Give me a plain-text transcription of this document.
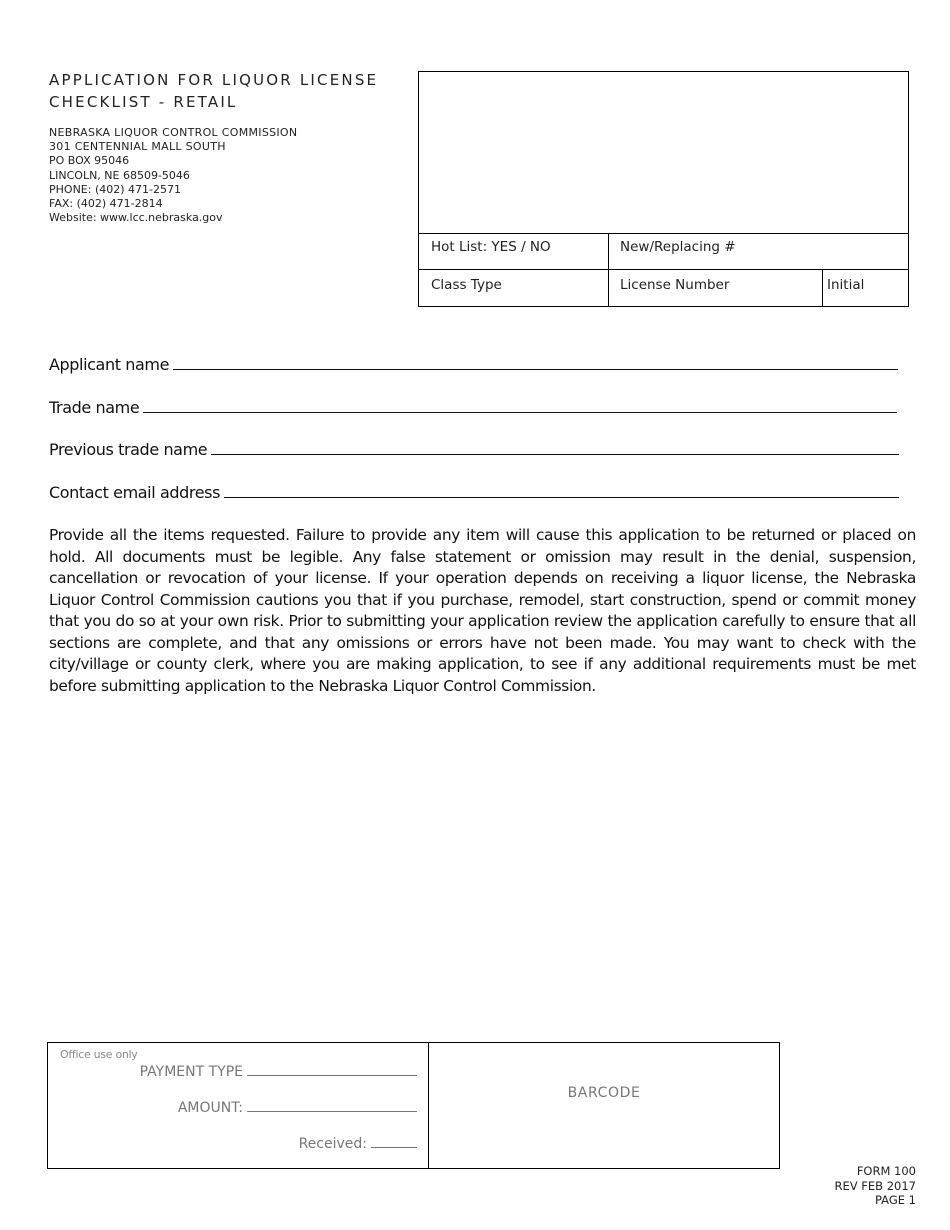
APPLICATION FOR LIQUOR LICENSE
CHECKLIST - RETAIL
NEBRASKA LIQUOR CONTROL COMMISSION
301 CENTENNIAL MALL SOUTH
PO BOX 95046
LINCOLN, NE 68509-5046
PHONE: (402) 471-2571
FAX: (402) 471-2814
Website: www.lcc.nebraska.gov
Hot List: YES / NO	New/Replacing #
Class Type	License Number	Initial
Applicant name
Trade name
Previous trade name
Contact email address
Provide all the items requested. Failure to provide any item will cause this application to be returned or placed on hold. All documents must be legible. Any false statement or omission may result in the denial, suspension, cancellation or revocation of your license. If your operation depends on receiving a liquor license, the Nebraska Liquor Control Commission cautions you that if you purchase, remodel, start construction, spend or commit money that you do so at your own risk. Prior to submitting your application review the application carefully to ensure that all sections are complete, and that any omissions or errors have not been made. You may want to check with the city/village or county clerk, where you are making application, to see if any additional requirements must be met before submitting application to the Nebraska Liquor Control Commission.
Office use only
PAYMENT TYPE
AMOUNT:
Received:
BARCODE
FORM 100
REV FEB 2017
PAGE 1
